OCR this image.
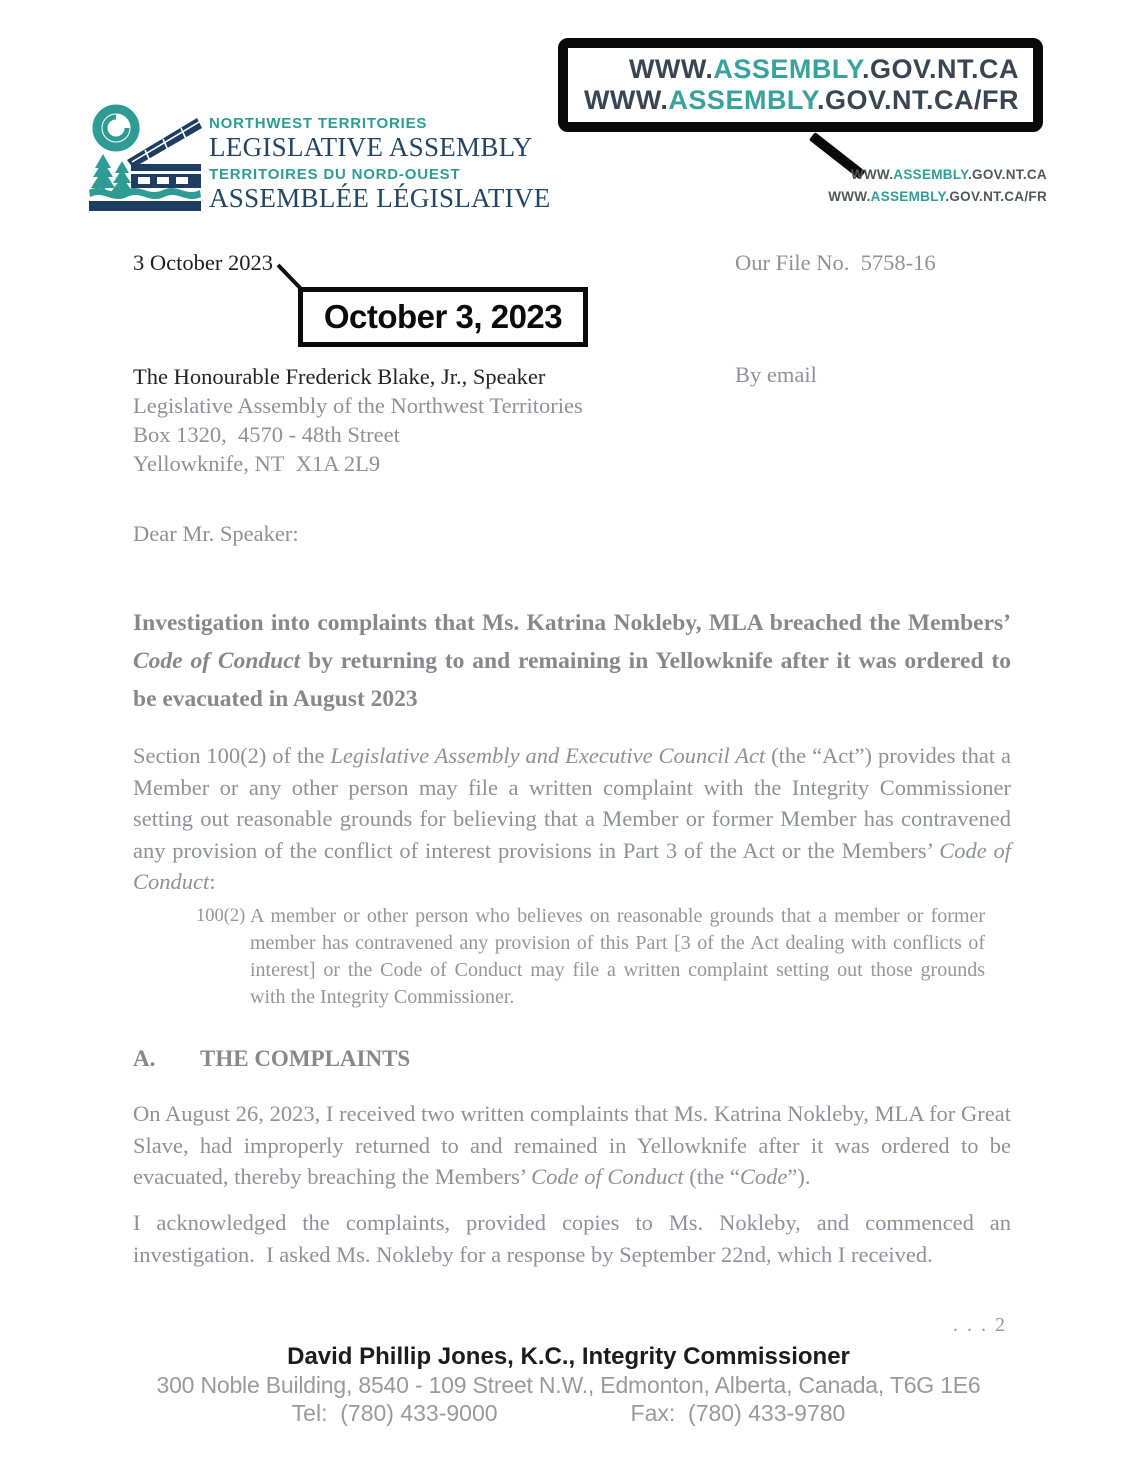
NORTHWEST TERRITORIES
LEGISLATIVE ASSEMBLY
TERRITOIRES DU NORD-OUEST
ASSEMBLÉE LÉGISLATIVE
WWW.ASSEMBLY.GOV.NT.CA
WWW.ASSEMBLY.GOV.NT.CA/FR
WWW.ASSEMBLY.GOV.NT.CA
WWW.ASSEMBLY.GOV.NT.CA/FR
3 October 2023	Our File No.  5758-16
October 3, 2023
The Honourable Frederick Blake, Jr., Speaker
Legislative Assembly of the Northwest Territories
Box 1320,  4570 - 48th Street
Yellowknife, NT  X1A 2L9
By email
Dear Mr. Speaker:
Investigation into complaints that Ms. Katrina Nokleby, MLA breached the Members’ Code of Conduct by returning to and remaining in Yellowknife after it was ordered to be evacuated in August 2023
Section 100(2) of the Legislative Assembly and Executive Council Act (the “Act”) provides that a Member or any other person may file a written complaint with the Integrity Commissioner setting out reasonable grounds for believing that a Member or former Member has contravened any provision of the conflict of interest provisions in Part 3 of the Act or the Members’ Code of Conduct:
100(2) A member or other person who believes on reasonable grounds that a member or former member has contravened any provision of this Part [3 of the Act dealing with conflicts of interest] or the Code of Conduct may file a written complaint setting out those grounds with the Integrity Commissioner.
A.	THE COMPLAINTS
On August 26, 2023, I received two written complaints that Ms. Katrina Nokleby, MLA for Great Slave, had improperly returned to and remained in Yellowknife after it was ordered to be evacuated, thereby breaching the Members’ Code of Conduct (the “Code”).
I acknowledged the complaints, provided copies to Ms. Nokleby, and commenced an investigation.  I asked Ms. Nokleby for a response by September 22nd, which I received.
. . . 2
David Phillip Jones, K.C., Integrity Commissioner
300 Noble Building, 8540 - 109 Street N.W., Edmonton, Alberta, Canada, T6G 1E6
Tel:  (780) 433-9000	Fax:  (780) 433-9780
